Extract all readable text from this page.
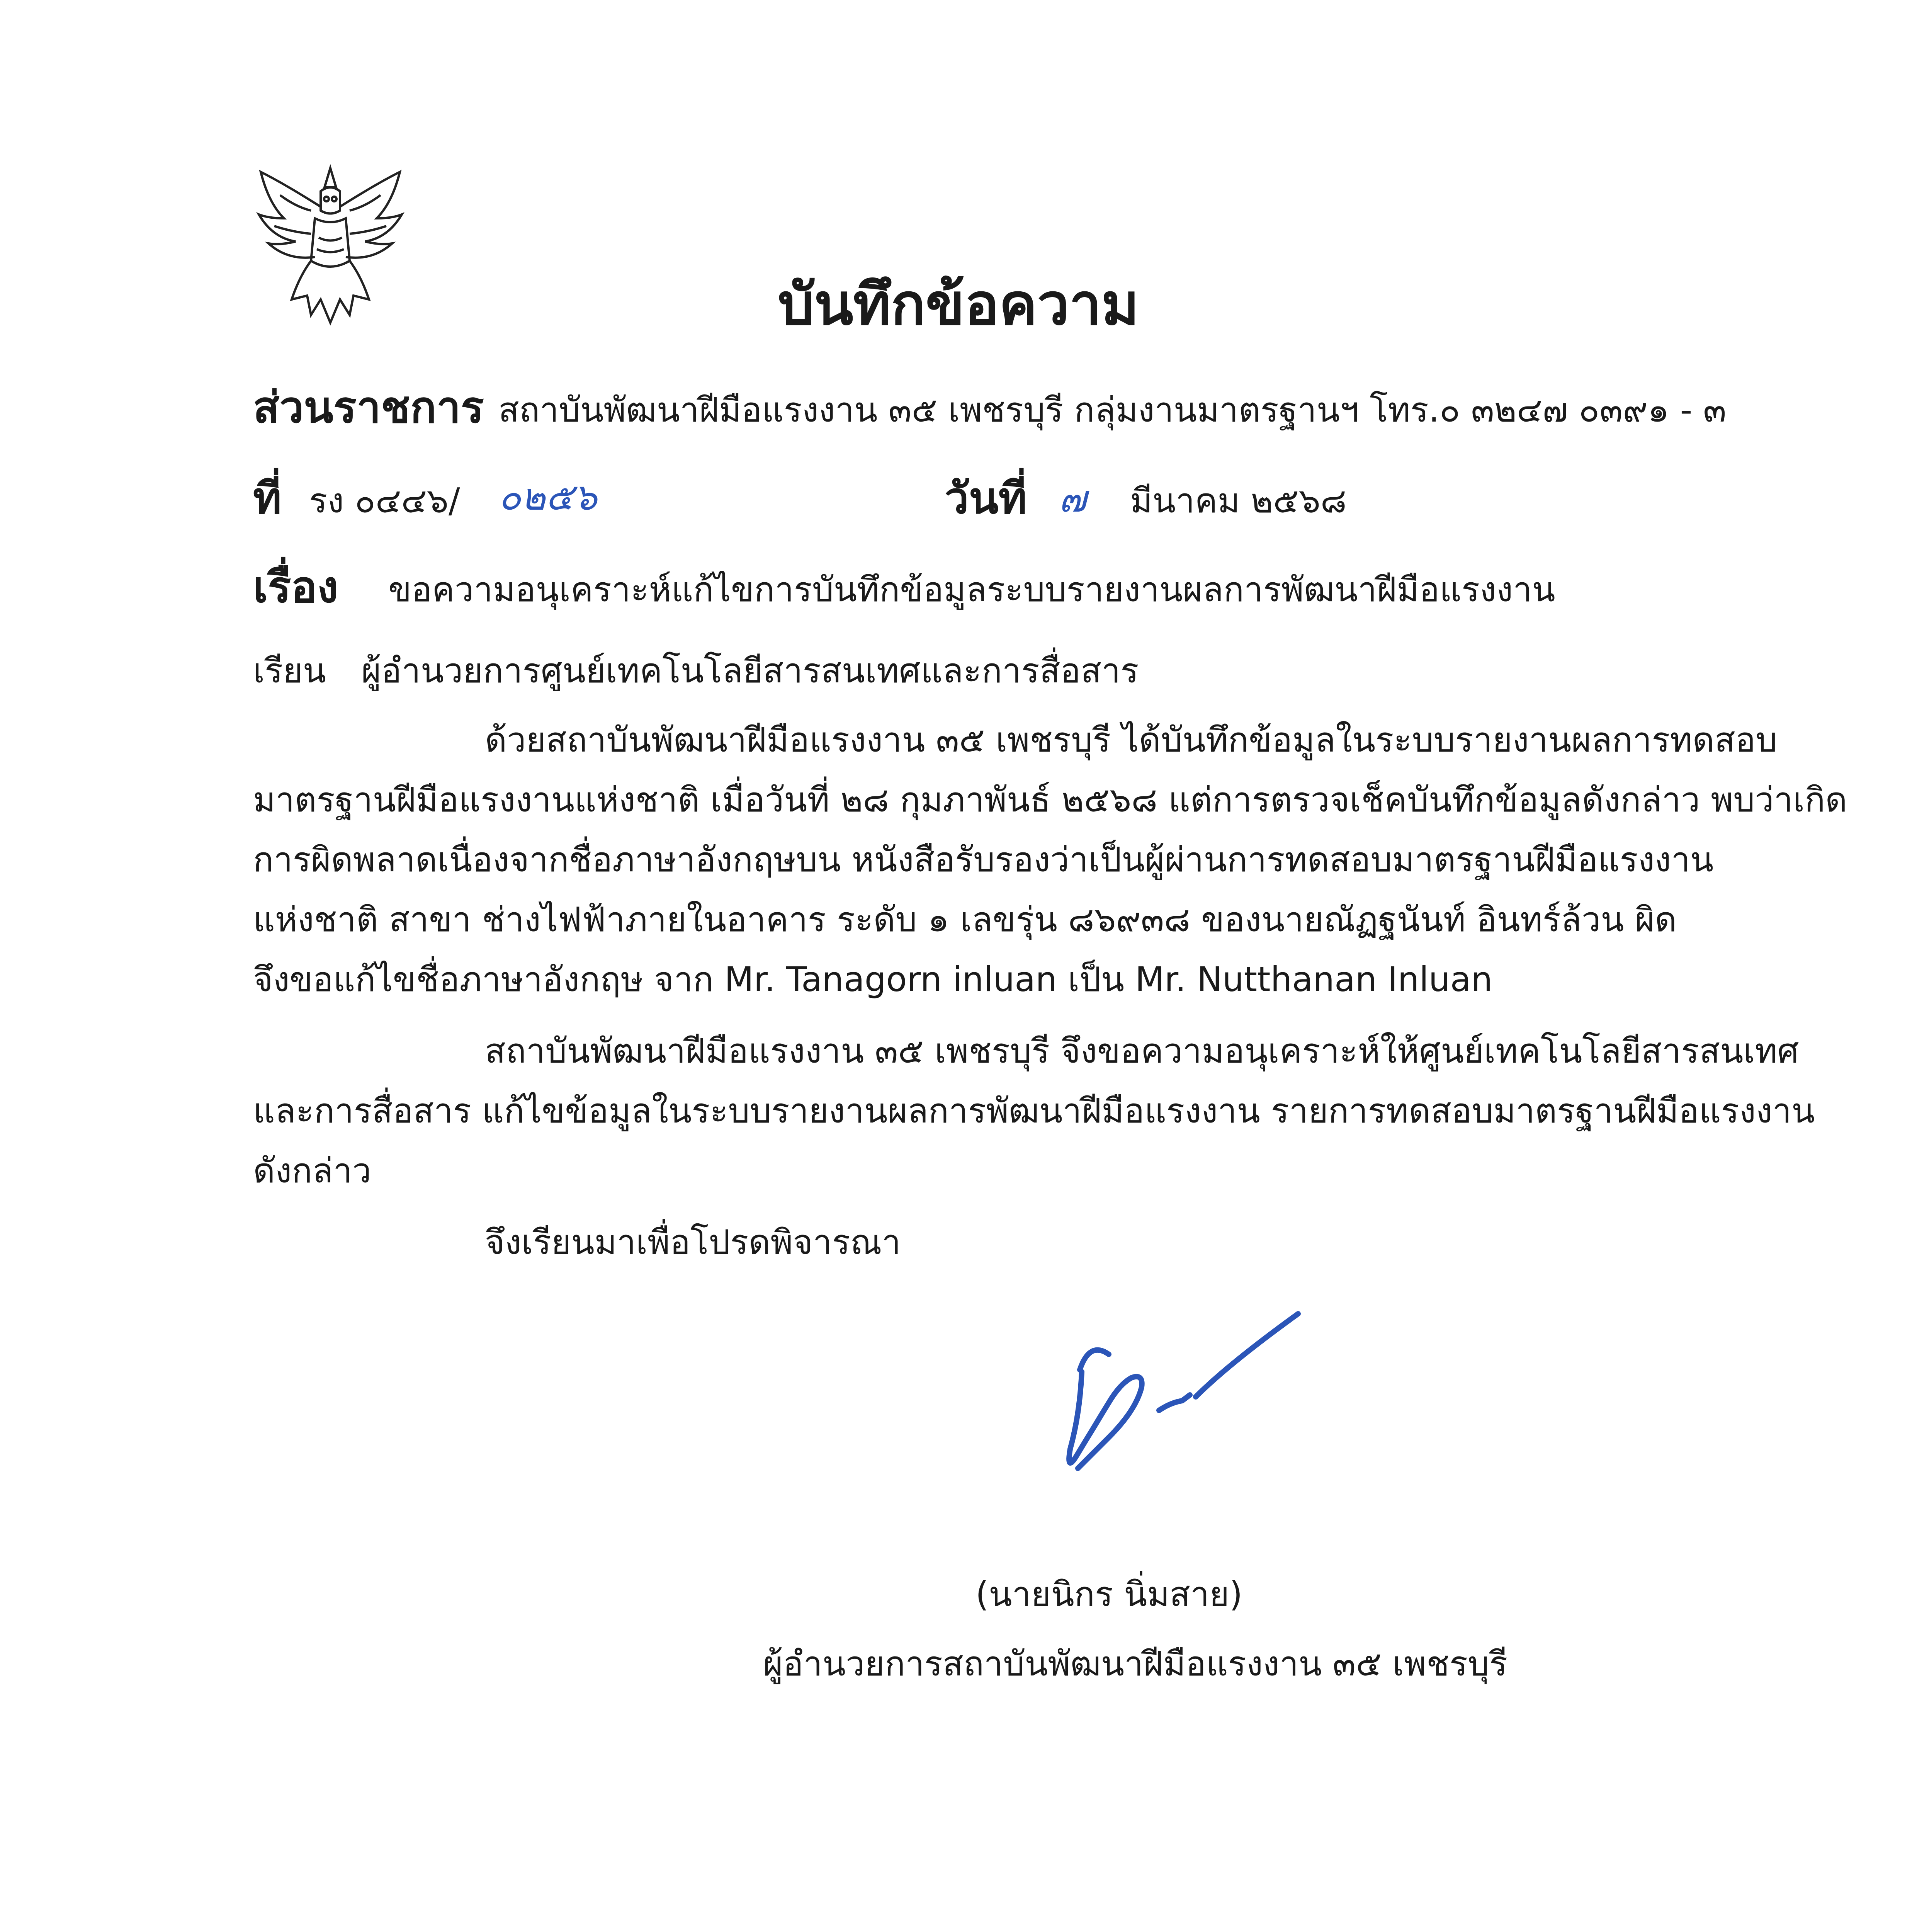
บันทึกข้อความ
ส่วนราชการ สถาบันพัฒนาฝีมือแรงงาน ๓๕ เพชรบุรี กลุ่มงานมาตรฐานฯ โทร.๐ ๓๒๔๗ ๐๓๙๑ - ๓
ที่ รง ๐๔๔๖/ ๐๒๕๖	วันที่ ๗ มีนาคม ๒๕๖๘
เรื่อง ขอความอนุเคราะห์แก้ไขการบันทึกข้อมูลระบบรายงานผลการพัฒนาฝีมือแรงงาน
เรียน ผู้อำนวยการศูนย์เทคโนโลยีสารสนเทศและการสื่อสาร
ด้วยสถาบันพัฒนาฝีมือแรงงาน ๓๕ เพชรบุรี ได้บันทึกข้อมูลในระบบรายงานผลการทดสอบ
มาตรฐานฝีมือแรงงานแห่งชาติ เมื่อวันที่ ๒๘ กุมภาพันธ์ ๒๕๖๘ แต่การตรวจเช็คบันทึกข้อมูลดังกล่าว พบว่าเกิด
การผิดพลาดเนื่องจากชื่อภาษาอังกฤษบน หนังสือรับรองว่าเป็นผู้ผ่านการทดสอบมาตรฐานฝีมือแรงงาน
แห่งชาติ สาขา ช่างไฟฟ้าภายในอาคาร ระดับ ๑ เลขรุ่น ๘๖๙๓๘ ของนายณัฏฐนันท์ อินทร์ล้วน ผิด
จึงขอแก้ไขชื่อภาษาอังกฤษ จาก Mr. Tanagorn inluan เป็น Mr. Nutthanan Inluan
สถาบันพัฒนาฝีมือแรงงาน ๓๕ เพชรบุรี จึงขอความอนุเคราะห์ให้ศูนย์เทคโนโลยีสารสนเทศ
และการสื่อสาร แก้ไขข้อมูลในระบบรายงานผลการพัฒนาฝีมือแรงงาน รายการทดสอบมาตรฐานฝีมือแรงงาน
ดังกล่าว
จึงเรียนมาเพื่อโปรดพิจารณา
(นายนิกร นิ่มสาย)
ผู้อำนวยการสถาบันพัฒนาฝีมือแรงงาน ๓๕ เพชรบุรี
